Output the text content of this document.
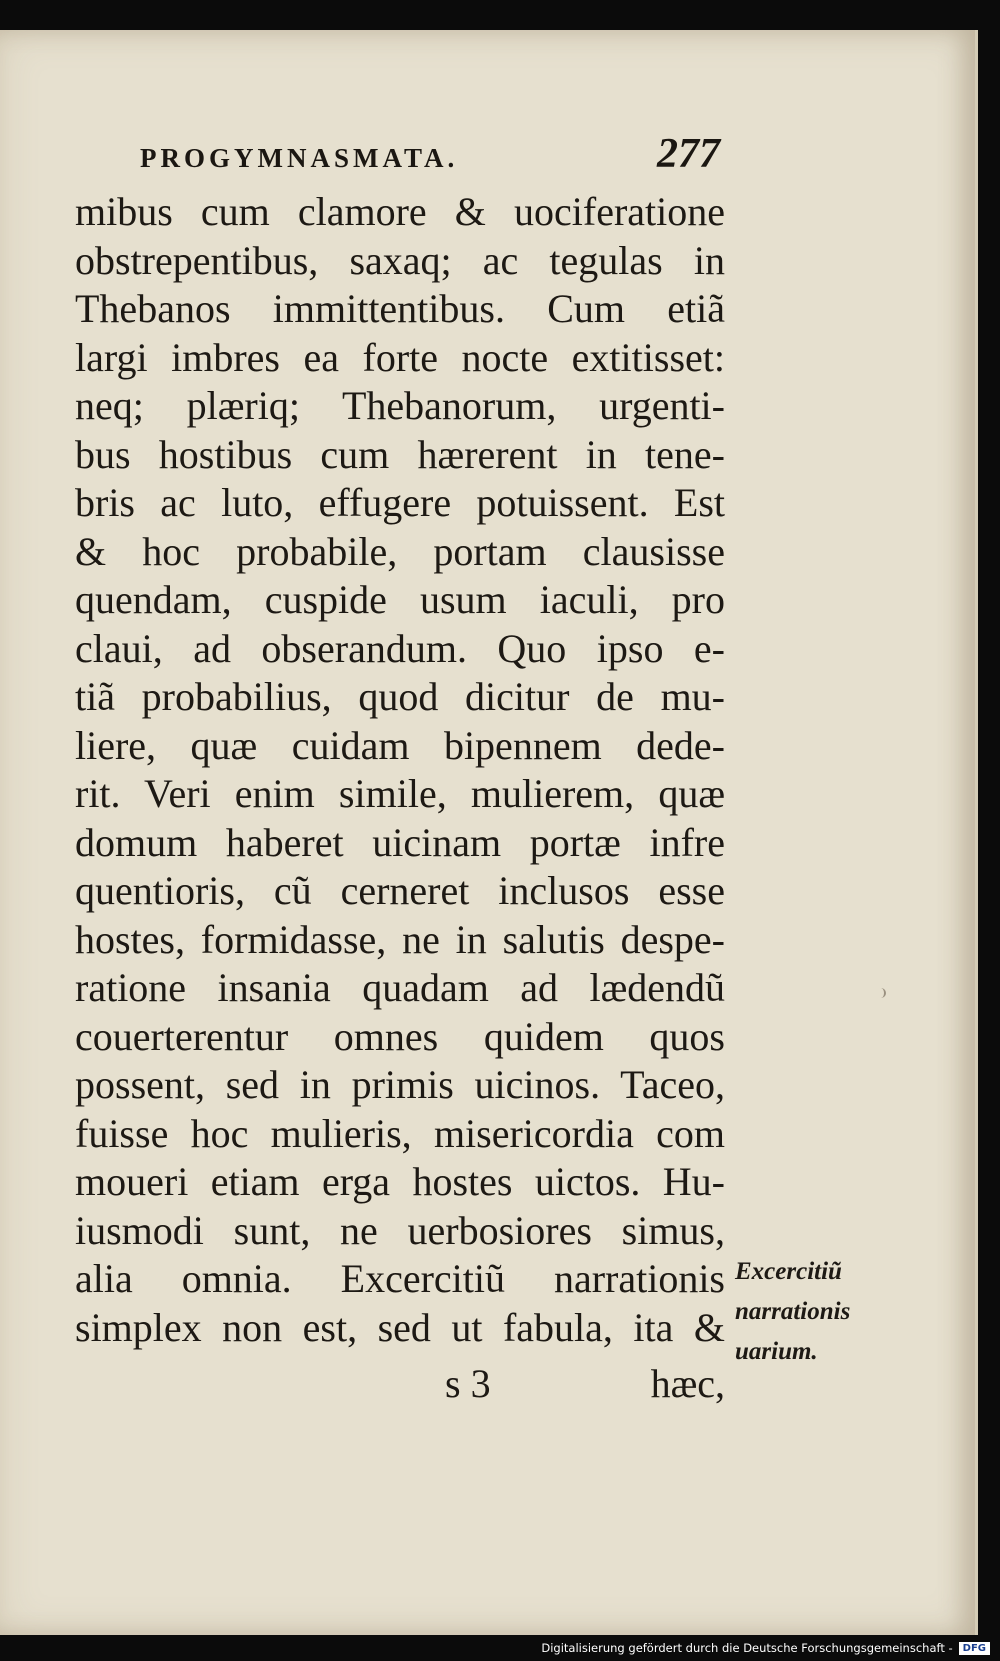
PROGYMNASMATA.	277
mibus cum clamore & uociferatione
obstrepentibus, saxaq; ac tegulas in
Thebanos immittentibus. Cum etiã
largi imbres ea forte nocte extitisset:
neq; plæriq; Thebanorum, urgenti-
bus hostibus cum hærerent in tene-
bris ac luto, effugere potuissent. Est
& hoc probabile, portam clausisse
quendam, cuspide usum iaculi, pro
claui, ad obserandum. Quo ipso e-
tiã probabilius, quod dicitur de mu-
liere, quæ cuidam bipennem dede-
rit. Veri enim simile, mulierem, quæ
domum haberet uicinam portæ infre
quentioris, cũ cerneret inclusos esse
hostes, formidasse, ne in salutis despe-
ratione insania quadam ad lædendũ
couerterentur omnes quidem quos
possent, sed in primis uicinos. Taceo,
fuisse hoc mulieris, misericordia com
moueri etiam erga hostes uictos. Hu-
iusmodi sunt, ne uerbosiores simus,
alia omnia. Excercitiũ narrationis
simplex non est, sed ut fabula, ita &
s 3	hæc,
Excercitiũ
narrationis
uarium.
Digitalisierung gefördert durch die Deutsche Forschungsgemeinschaft -	DFG
